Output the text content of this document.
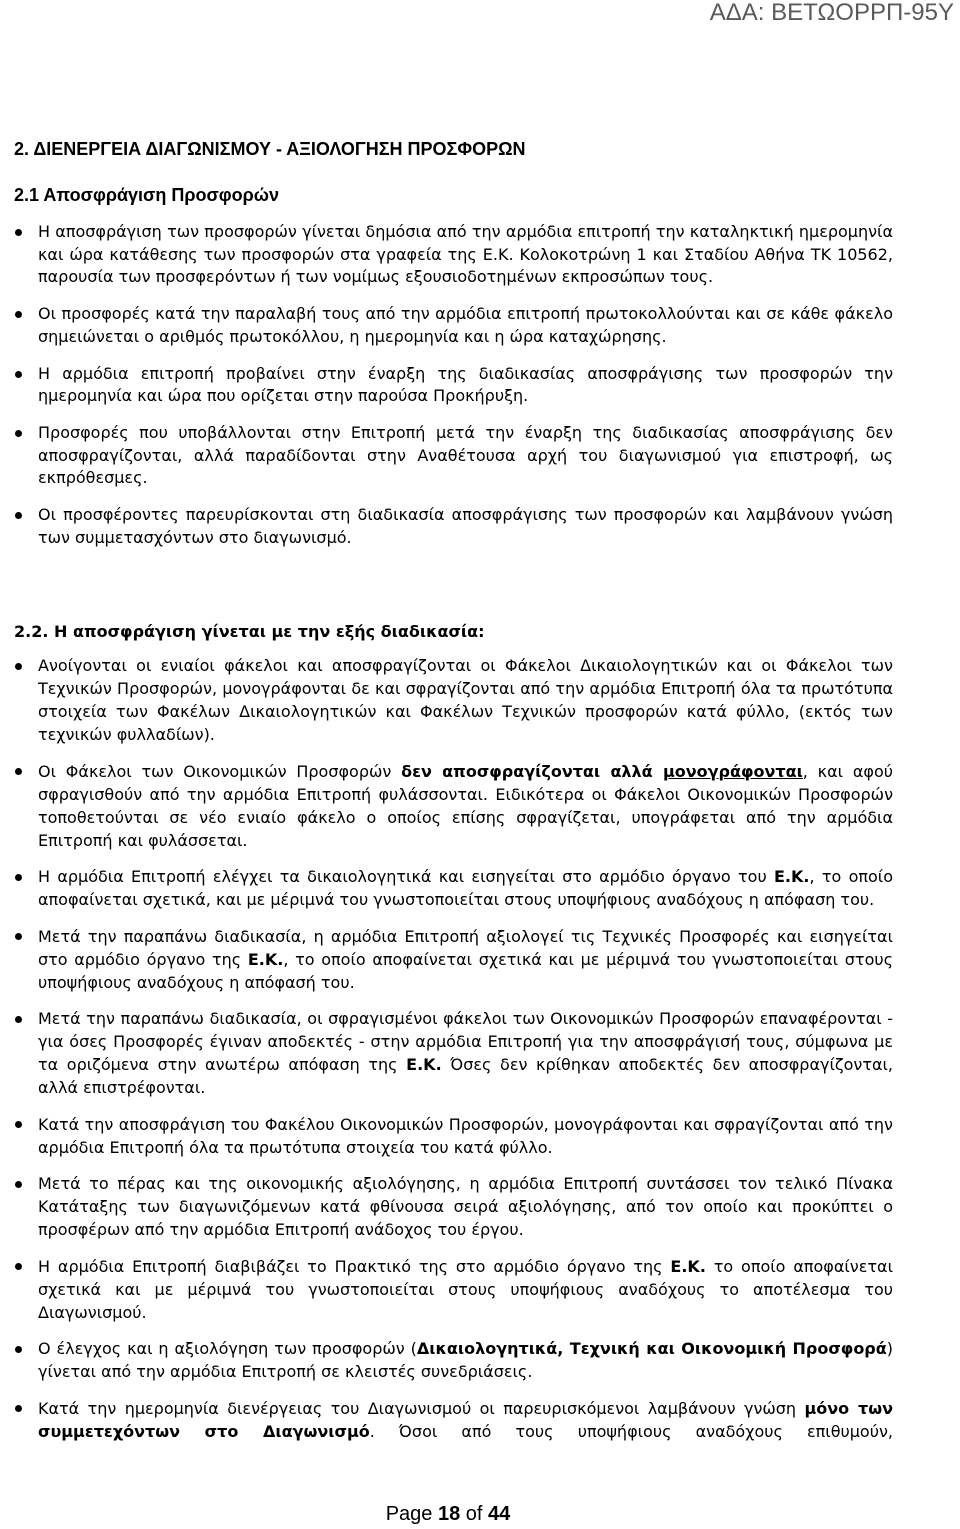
ΑΔΑ: ΒΕΤΩΟΡΡΠ-95Υ
2. ΔΙΕΝΕΡΓΕΙΑ ΔΙΑΓΩΝΙΣΜΟΥ - ΑΞΙΟΛΟΓΗΣΗ ΠΡΟΣΦΟΡΩΝ
2.1 Αποσφράγιση Προσφορών

Η αποσφράγιση των προσφορών γίνεται δημόσια από την αρμόδια επιτροπή την καταληκτική ημερομηνία και ώρα κατάθεσης των προσφορών στα γραφεία της Ε.Κ. Κολοκοτρώνη 1 και Σταδίου Αθήνα ΤΚ 10562, παρουσία των προσφερόντων ή των νομίμως εξουσιοδοτημένων εκπροσώπων τους.

Οι προσφορές κατά την παραλαβή τους από την αρμόδια επιτροπή πρωτοκολλούνται και σε κάθε φάκελο σημειώνεται ο αριθμός πρωτοκόλλου, η ημερομηνία και η ώρα καταχώρησης.

Η αρμόδια επιτροπή προβαίνει στην έναρξη της διαδικασίας αποσφράγισης των προσφορών την ημερομηνία και ώρα που ορίζεται στην παρούσα Προκήρυξη.

Προσφορές που υποβάλλονται στην Επιτροπή μετά την έναρξη της διαδικασίας αποσφράγισης δεν αποσφραγίζονται, αλλά παραδίδονται στην Αναθέτουσα αρχή του διαγωνισμού για επιστροφή, ως εκπρόθεσμες.

Οι προσφέροντες παρευρίσκονται στη διαδικασία αποσφράγισης των προσφορών και λαμβάνουν γνώση των συμμετασχόντων στο διαγωνισμό.

2.2. Η αποσφράγιση γίνεται με την εξής διαδικασία:

Ανοίγονται οι ενιαίοι φάκελοι και αποσφραγίζονται οι Φάκελοι Δικαιολογητικών και οι Φάκελοι των Τεχνικών Προσφορών, μονογράφονται δε και σφραγίζονται από την αρμόδια Επιτροπή όλα τα πρωτότυπα στοιχεία των Φακέλων Δικαιολογητικών και Φακέλων Τεχνικών προσφορών κατά φύλλο, (εκτός των τεχνικών φυλλαδίων).

Οι Φάκελοι των Οικονομικών Προσφορών δεν αποσφραγίζονται αλλά μονογράφονται, και αφού σφραγισθούν από την αρμόδια Επιτροπή φυλάσσονται. Ειδικότερα οι Φάκελοι Οικονομικών Προσφορών τοποθετούνται σε νέο ενιαίο φάκελο ο οποίος επίσης σφραγίζεται, υπογράφεται από την αρμόδια Επιτροπή και φυλάσσεται.

Η αρμόδια Επιτροπή ελέγχει τα δικαιολογητικά και εισηγείται στο αρμόδιο όργανο του Ε.Κ., το οποίο αποφαίνεται σχετικά, και με μέριμνά του γνωστοποιείται στους υποψήφιους αναδόχους η απόφαση του.

Μετά την παραπάνω διαδικασία, η αρμόδια Επιτροπή αξιολογεί τις Τεχνικές Προσφορές και εισηγείται στο αρμόδιο όργανο της Ε.Κ., το οποίο αποφαίνεται σχετικά και με μέριμνά του γνωστοποιείται στους υποψήφιους αναδόχους η απόφασή του.

Μετά την παραπάνω διαδικασία, οι σφραγισμένοι φάκελοι των Οικονομικών Προσφορών επαναφέρονται - για όσες Προσφορές έγιναν αποδεκτές - στην αρμόδια Επιτροπή για την αποσφράγισή τους, σύμφωνα με τα οριζόμενα στην ανωτέρω απόφαση της Ε.Κ. Όσες δεν κρίθηκαν αποδεκτές δεν αποσφραγίζονται, αλλά επιστρέφονται.

Κατά την αποσφράγιση του Φακέλου Οικονομικών Προσφορών, μονογράφονται και σφραγίζονται από την αρμόδια Επιτροπή όλα τα πρωτότυπα στοιχεία του κατά φύλλο.

Μετά το πέρας και της οικονομικής αξιολόγησης, η αρμόδια Επιτροπή συντάσσει τον τελικό Πίνακα Κατάταξης των διαγωνιζόμενων κατά φθίνουσα σειρά αξιολόγησης, από τον οποίο και προκύπτει ο προσφέρων από την αρμόδια Επιτροπή ανάδοχος του έργου.

Η αρμόδια Επιτροπή διαβιβάζει το Πρακτικό της στο αρμόδιο όργανο της Ε.Κ. το οποίο αποφαίνεται σχετικά και με μέριμνά του γνωστοποιείται στους υποψήφιους αναδόχους το αποτέλεσμα του Διαγωνισμού.

Ο έλεγχος και η αξιολόγηση των προσφορών (Δικαιολογητικά, Τεχνική και Οικονομική Προσφορά) γίνεται από την αρμόδια Επιτροπή σε κλειστές συνεδριάσεις.

Κατά την ημερομηνία διενέργειας του Διαγωνισμού οι παρευρισκόμενοι λαμβάνουν γνώση μόνο των συμμετεχόντων στο Διαγωνισμό. Όσοι από τους υποψήφιους αναδόχους επιθυμούν,

Page 18 of 44
